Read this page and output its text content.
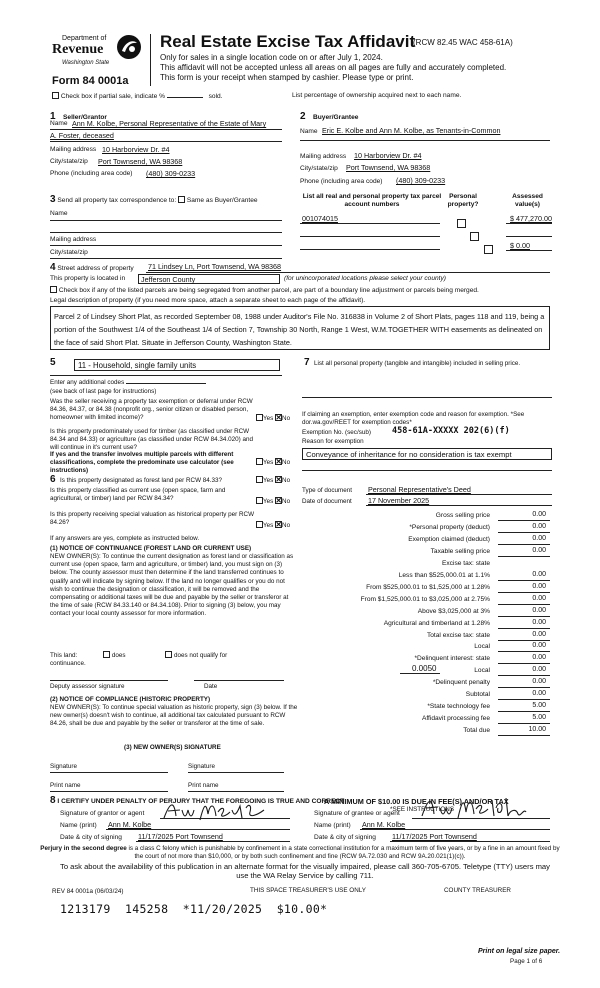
Department of
Revenue
Washington State
Form 84 0001a
Real Estate Excise Tax Affidavit
(RCW 82.45 WAC 458-61A)
Only for sales in a single location code on or after July 1, 2024.
This affidavit will not be accepted unless all areas on all pages are fully and accurately completed.
This form is your receipt when stamped by cashier. Please type or print.
Check box if partial sale, indicate %	sold.	List percentage of ownership acquired next to each name.
1 Seller/Grantor
Name Ann M. Kolbe, Personal Representative of the Estate of Mary
A. Foster, deceased
Mailing address 10 Harborview Dr. #4
City/state/zip Port Townsend, WA 98368
Phone (including area code) (480) 309-0233
2 Buyer/Grantee
Name Eric E. Kolbe and Ann M. Kolbe, as Tenants-in-Common
Mailing address 10 Harborview Dr. #4
City/state/zip Port Townsend, WA 98368
Phone (including area code) (480) 309-0233
3 Send all property tax correspondence to: Same as Buyer/Grantee
Name
Mailing address
City/state/zip
List all real and personal property tax parcel account numbers
Personal property?
Assessed value(s)
001074015
	$ 477,270.00

$ 0.00
4 Street address of property 71 Lindsey Ln, Port Townsend, WA 98368
This property is located in Jefferson County	(for unincorporated locations please select your county)
Check box if any of the listed parcels are being segregated from another parcel, are part of a boundary line adjustment or parcels being merged.
Legal description of property (if you need more space, attach a separate sheet to each page of the affidavit).
Parcel 2 of Lindsey Short Plat, as recorded September 08, 1988 under Auditor's File No. 316838 in Volume 2 of Short Plats, pages 118 and 119, being a portion of the Southwest 1/4 of the Southeast 1/4 of Section 7, Township 30 North, Range 1 West, W.M.TOGETHER WITH easements as delineated on the face of said Short Plat. Situate in Jefferson County, Washington State.
5	11 - Household, single family units
Enter any additional codes
(see back of last page for instructions)
Was the seller receiving a property tax exemption or deferral under RCW 84.36, 84.37, or 84.38 (nonprofit org., senior citizen or disabled person, homeowner with limited income)?	Yes ✕ No
Is this property predominately used for timber (as classified under RCW 84.34 and 84.33) or agriculture (as classified under RCW 84.34.020) and will continue in it's current use?
If yes and the transfer involves multiple parcels with different classifications, complete the predominate use calculator (see instructions)
Yes ✕ No
6 Is this property designated as forest land per RCW 84.33?	Yes ✕ No
Is this property classified as current use (open space, farm and agricultural, or timber) land per RCW 84.34?	Yes ✕ No
Is this property receiving special valuation as historical property per RCW 84.26?	Yes ✕ No
If any answers are yes, complete as instructed below.
(1) NOTICE OF CONTINUANCE (FOREST LAND OR CURRENT USE)
NEW OWNER(S): To continue the current designation as forest land or classification as current use (open space, farm and agriculture, or timber) land, you must sign on (3) below. The county assessor must then determine if the land transferred continues to qualify and will indicate by signing below. If the land no longer qualifies or you do not wish to continue the designation or classification, it will be removed and the compensating or additional taxes will be due and payable by the seller or transferor at the time of sale (RCW 84.33.140 or 84.34.108). Prior to signing (3) below, you may contact your local county assessor for more information.
This land:	does	does not qualify for
continuance.
Deputy assessor signature	Date
(2) NOTICE OF COMPLIANCE (HISTORIC PROPERTY)
NEW OWNER(S): To continue special valuation as historic property, sign (3) below. If the new owner(s) doesn't wish to continue, all additional tax calculated pursuant to RCW 84.26, shall be due and payable by the seller or transferor at the time of sale.
(3) NEW OWNER(S) SIGNATURE
Signature	Signature
Print name	Print name
7 List all personal property (tangible and intangible) included in selling price.
If claiming an exemption, enter exemption code and reason for exemption. *See dor.wa.gov/REET for exemption codes*
Exemption No. (sec/sub) 458-61A-XXXXX 202(6)(f)
Reason for exemption
Conveyance of inheritance for no consideration is tax exempt
Type of document Personal Representative's Deed
Date of document 17 November 2025
Gross selling price	0.00
*Personal property (deduct)	0.00
Exemption claimed (deduct)	0.00
Taxable selling price	0.00
Excise tax: state
Less than $525,000.01 at 1.1%	0.00
From $525,000.01 to $1,525,000 at 1.28%	0.00
From $1,525,000.01 to $3,025,000 at 2.75%	0.00
Above $3,025,000 at 3%	0.00
Agricultural and timberland at 1.28%	0.00
Total excise tax: state	0.00
Local	0.00
*Delinquent interest: state	0.00
Local	0.00
*Delinquent penalty	0.00
Subtotal	0.00
*State technology fee	5.00
Affidavit processing fee	5.00
Total due	10.00
0.0050
A MINIMUM OF $10.00 IS DUE IN FEE(S) AND/OR TAX
*SEE INSTRUCTIONS
8 I CERTIFY UNDER PENALTY OF PERJURY THAT THE FOREGOING IS TRUE AND CORRECT
Signature of grantor or agent
Name (print) Ann M. Kolbe
Date & city of signing 11/17/2025 Port Townsend
Signature of grantee or agent
Name (print) Ann M. Kolbe
Date & city of signing 11/17/2025 Port Townsend
Perjury in the second degree is a class C felony which is punishable by confinement in a state correctional institution for a maximum term of five years, or by a fine in an amount fixed by the court of not more than $10,000, or by both such confinement and fine (RCW 9A.72.030 and RCW 9A.20.021(1)(c)).
To ask about the availability of this publication in an alternate format for the visually impaired, please call 360-705-6705. Teletype (TTY) users may use the WA Relay Service by calling 711.
REV 84 0001a (06/03/24)	THIS SPACE TREASURER'S USE ONLY	COUNTY TREASURER
1213179  145258  *11/20/2025  $10.00*
Print on legal size paper.
Page 1 of 6
